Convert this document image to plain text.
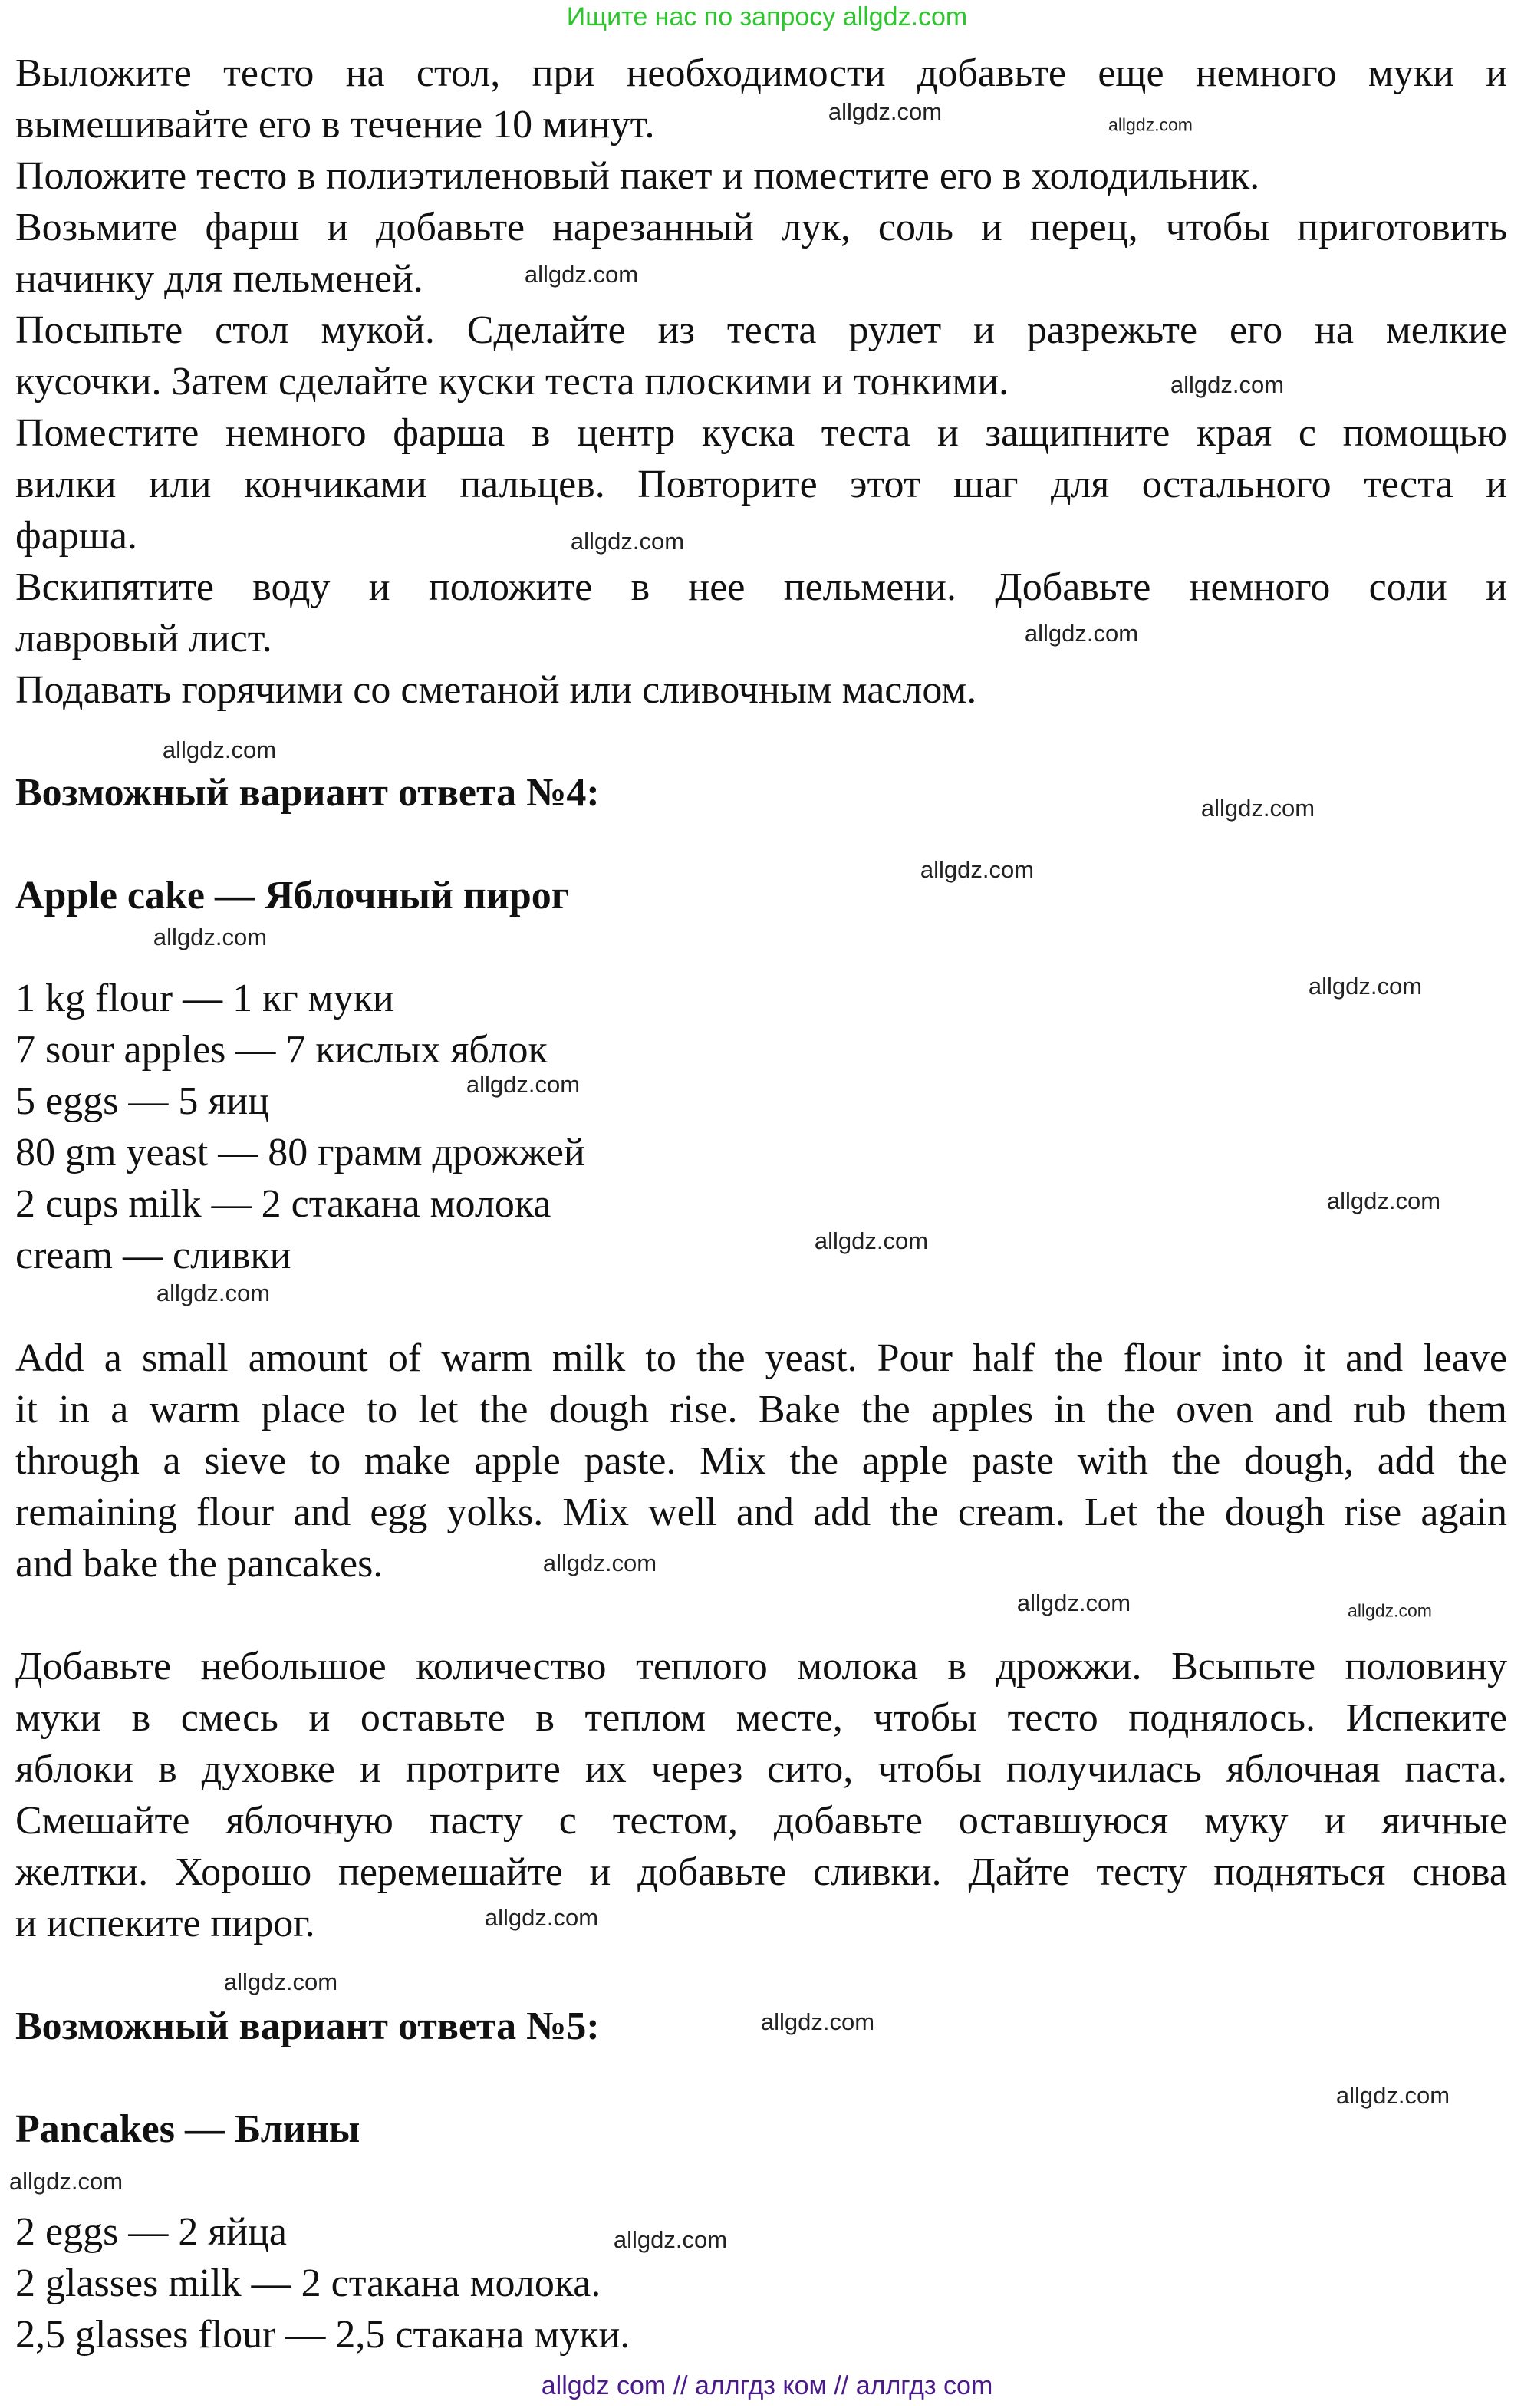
Ищите нас по запросу allgdz.com
Выложите тесто на стол, при необходимости добавьте еще немного муки и
вымешивайте его в течение 10 минут.
Положите тесто в полиэтиленовый пакет и поместите его в холодильник.
Возьмите фарш и добавьте нарезанный лук, соль и перец, чтобы приготовить
начинку для пельменей.
Посыпьте стол мукой. Сделайте из теста рулет и разрежьте его на мелкие
кусочки. Затем сделайте куски теста плоскими и тонкими.
Поместите немного фарша в центр куска теста и защипните края с помощью
вилки или кончиками пальцев. Повторите этот шаг для остального теста и
фарша.
Вскипятите воду и положите в нее пельмени. Добавьте немного соли и
лавровый лист.
Подавать горячими со сметаной или сливочным маслом.
Возможный вариант ответа №4:
Apple cake — Яблочный пирог
1 kg flour — 1 кг муки
7 sour apples — 7 кислых яблок
5 eggs — 5 яиц
80 gm yeast — 80 грамм дрожжей
2 cups milk — 2 стакана молока
cream — сливки
Add a small amount of warm milk to the yeast. Pour half the flour into it and leave
it in a warm place to let the dough rise. Bake the apples in the oven and rub them
through a sieve to make apple paste. Mix the apple paste with the dough, add the
remaining flour and egg yolks. Mix well and add the cream. Let the dough rise again
and bake the pancakes.
Добавьте небольшое количество теплого молока в дрожжи. Всыпьте половину
муки в смесь и оставьте в теплом месте, чтобы тесто поднялось. Испеките
яблоки в духовке и протрите их через сито, чтобы получилась яблочная паста.
Смешайте яблочную пасту с тестом, добавьте оставшуюся муку и яичные
желтки. Хорошо перемешайте и добавьте сливки. Дайте тесту подняться снова
и испеките пирог.
Возможный вариант ответа №5:
Pancakes — Блины
2 eggs — 2 яйца
2 glasses milk — 2 стакана молока.
2,5 glasses flour — 2,5 стакана муки.
allgdz.com	allgdz.com
allgdz.com
allgdz.com
allgdz.com
allgdz.com
allgdz.com
allgdz.com
allgdz.com
allgdz.com
allgdz.com
allgdz.com
allgdz.com
allgdz.com
allgdz.com
allgdz.com
allgdz.com	allgdz.com
allgdz.com
allgdz.com
allgdz.com
allgdz.com
allgdz.com
allgdz.com
allgdz com // аллгдз ком // аллгдз com
